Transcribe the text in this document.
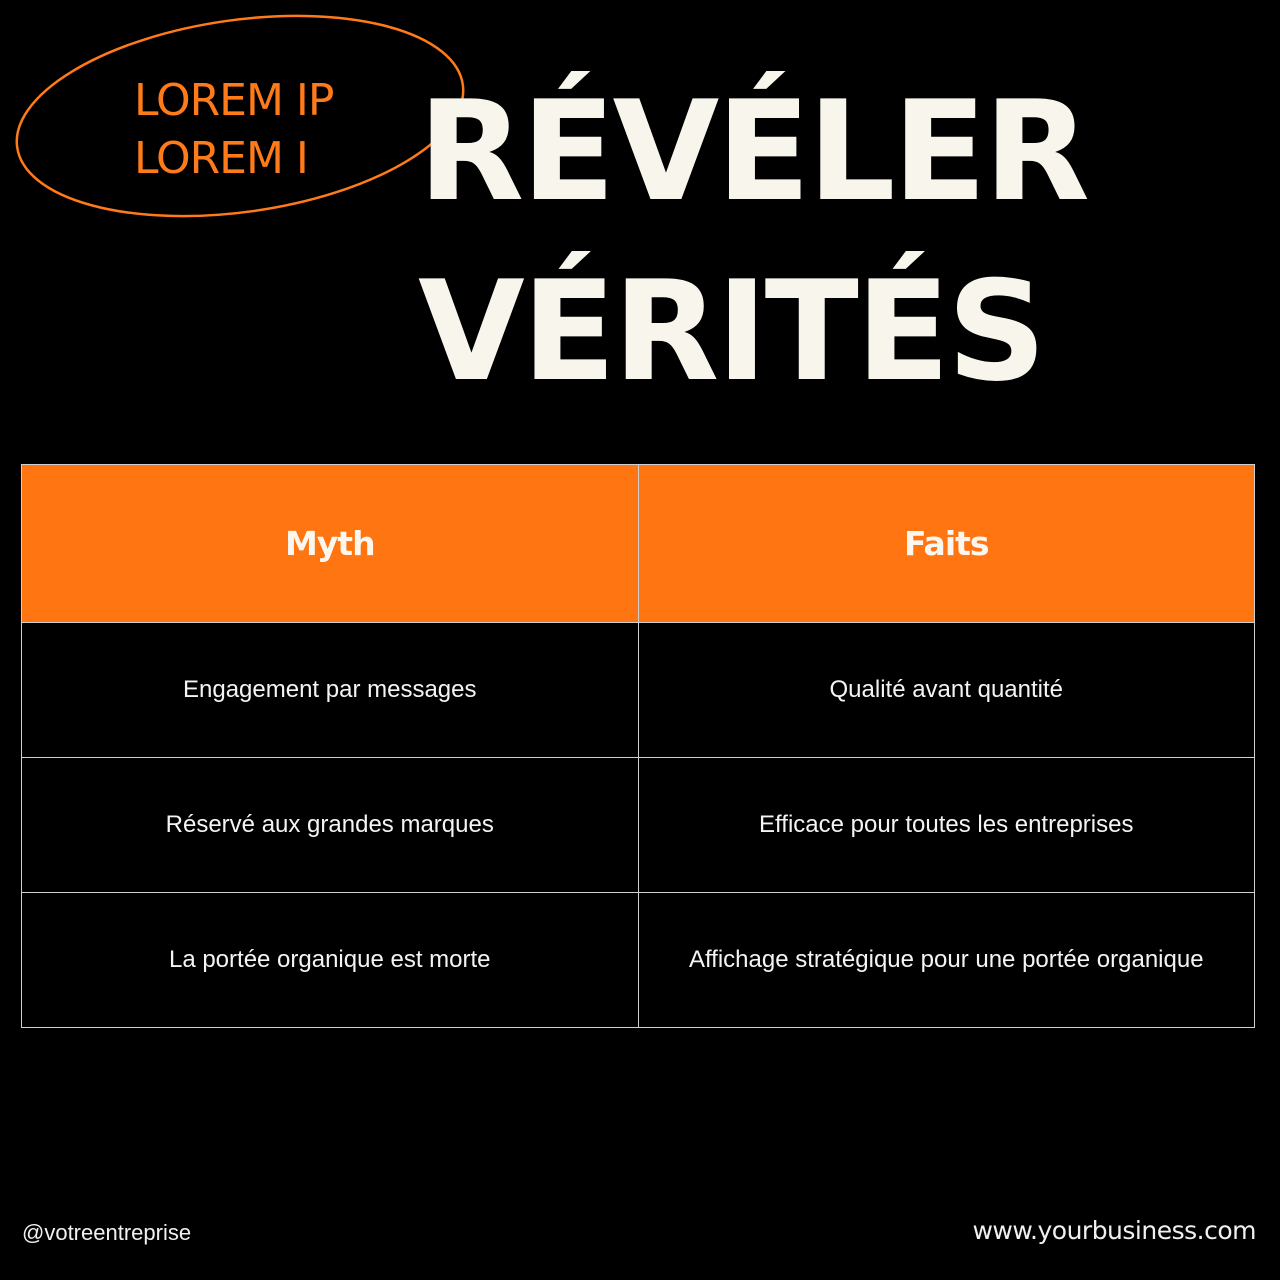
LOREM IP
LOREM I RÉVÉLER
VÉRITÉS
Myth	Faits
Engagement par messages	Qualité avant quantité
Réservé aux grandes marques	Efficace pour toutes les entreprises
La portée organique est morte	Affichage stratégique pour une portée organique
@votreentreprise	www.yourbusiness.com
